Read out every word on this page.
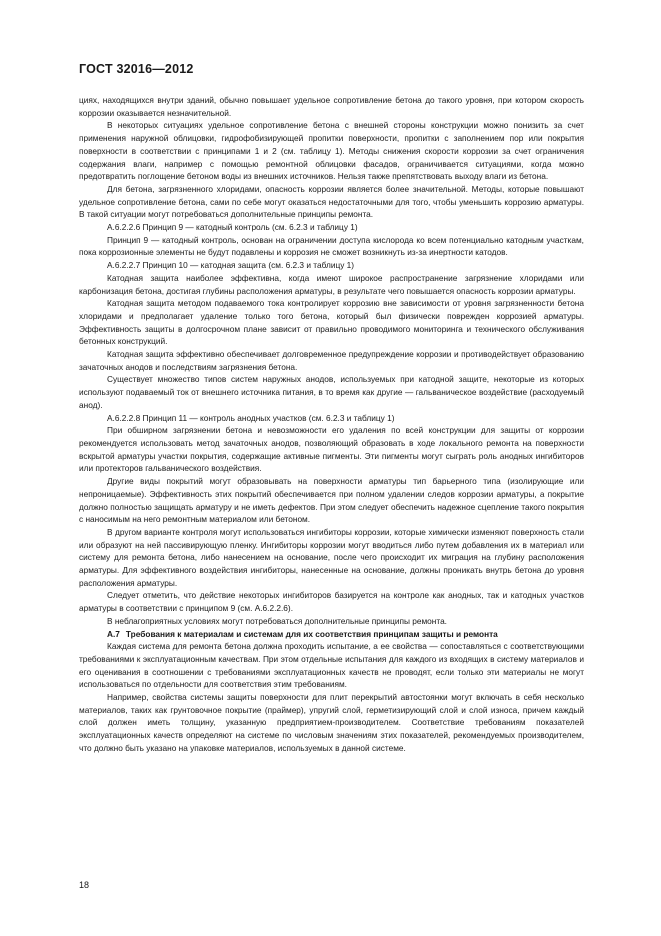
ГОСТ 32016—2012

циях, находящихся внутри зданий, обычно повышает удельное сопротивление бетона до такого уровня, при котором скорость коррозии оказывается незначительной.

В некоторых ситуациях удельное сопротивление бетона с внешней стороны конструкции можно понизить за счет применения наружной облицовки, гидрофобизирующей пропитки поверхности, пропитки с заполнением пор или покрытия поверхности в соответствии с принципами 1 и 2 (см. таблицу 1). Методы снижения скорости коррозии за счет ограничения содержания влаги, например с помощью ремонтной облицовки фасадов, ограничивается ситуациями, когда можно предотвратить поглощение бетоном воды из внешних источников. Нельзя также препятствовать выходу влаги из бетона.

Для бетона, загрязненного хлоридами, опасность коррозии является более значительной. Методы, которые повышают удельное сопротивление бетона, сами по себе могут оказаться недостаточными для того, чтобы уменьшить коррозию арматуры. В такой ситуации могут потребоваться дополнительные принципы ремонта.

А.6.2.2.6 Принцип 9 — катодный контроль (см. 6.2.3 и таблицу 1)

Принцип 9 — катодный контроль, основан на ограничении доступа кислорода ко всем потенциально катодным участкам, пока коррозионные элементы не будут подавлены и коррозия не сможет возникнуть из-за инертности катодов.

А.6.2.2.7 Принцип 10 — катодная защита (см. 6.2.3 и таблицу 1)

Катодная защита наиболее эффективна, когда имеют широкое распространение загрязнение хлоридами или карбонизация бетона, достигая глубины расположения арматуры, в результате чего повышается опасность коррозии арматуры.

Катодная защита методом подаваемого тока контролирует коррозию вне зависимости от уровня загрязненности бетона хлоридами и предполагает удаление только того бетона, который был физически поврежден коррозией арматуры. Эффективность защиты в долгосрочном плане зависит от правильно проводимого мониторинга и технического обслуживания бетонных конструкций.

Катодная защита эффективно обеспечивает долговременное предупреждение коррозии и противодействует образованию зачаточных анодов и последствиям загрязнения бетона.

Существует множество типов систем наружных анодов, используемых при катодной защите, некоторые из которых используют подаваемый ток от внешнего источника питания, в то время как другие — гальваническое воздействие (расходуемый анод).

А.6.2.2.8 Принцип 11 — контроль анодных участков (см. 6.2.3 и таблицу 1)

При обширном загрязнении бетона и невозможности его удаления по всей конструкции для защиты от коррозии рекомендуется использовать метод зачаточных анодов, позволяющий образовать в ходе локального ремонта на поверхности вскрытой арматуры участки покрытия, содержащие активные пигменты. Эти пигменты могут сыграть роль анодных ингибиторов или протекторов гальванического воздействия.

Другие виды покрытий могут образовывать на поверхности арматуры тип барьерного типа (изолирующие или непроницаемые). Эффективность этих покрытий обеспечивается при полном удалении следов коррозии арматуры, а покрытие должно полностью защищать арматуру и не иметь дефектов. При этом следует обеспечить надежное сцепление такого покрытия с наносимым на него ремонтным материалом или бетоном.

В другом варианте контроля могут использоваться ингибиторы коррозии, которые химически изменяют поверхность стали или образуют на ней пассивирующую пленку. Ингибиторы коррозии могут вводиться либо путем добавления их в материал или систему для ремонта бетона, либо нанесением на основание, после чего происходит их миграция на глубину расположения арматуры. Для эффективного воздействия ингибиторы, нанесенные на основание, должны проникать внутрь бетона до уровня расположения арматуры.

Следует отметить, что действие некоторых ингибиторов базируется на контроле как анодных, так и катодных участков арматуры в соответствии с принципом 9 (см. А.6.2.2.6).

В неблагоприятных условиях могут потребоваться дополнительные принципы ремонта.

А.7 Требования к материалам и системам для их соответствия принципам защиты и ремонта

Каждая система для ремонта бетона должна проходить испытание, а ее свойства — сопоставляться с соответствующими требованиями к эксплуатационным качествам. При этом отдельные испытания для каждого из входящих в систему материалов и его оценивания в соотношении с требованиями эксплуатационных качеств не проводят, если только эти материалы не могут использоваться по отдельности для соответствия этим требованиям.

Например, свойства системы защиты поверхности для плит перекрытий автостоянки могут включать в себя несколько материалов, таких как грунтовочное покрытие (праймер), упругий слой, герметизирующий слой и слой износа, причем каждый слой должен иметь толщину, указанную предприятием-производителем. Соответствие требованиям показателей эксплуатационных качеств определяют на системе по числовым значениям этих показателей, рекомендуемых производителем, что должно быть указано на упаковке материалов, используемых в данной системе.

18
